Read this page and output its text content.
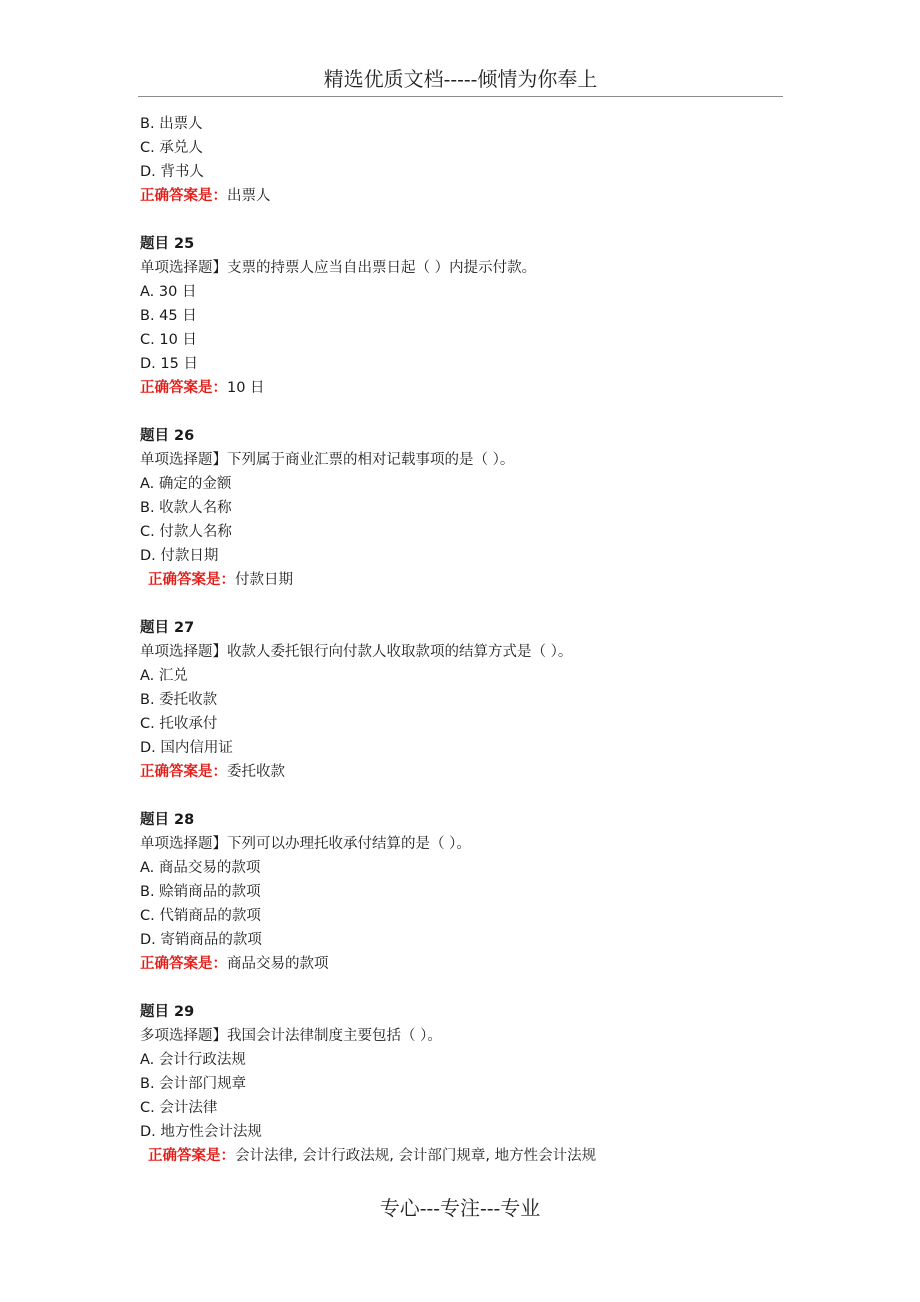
精选优质文档-----倾情为你奉上
B. 出票人
C. 承兑人
D. 背书人
正确答案是：出票人
题目 25
单项选择题】支票的持票人应当自出票日起（ ）内提示付款。
A. 30 日
B. 45 日
C. 10 日
D. 15 日
正确答案是：10 日
题目 26
单项选择题】下列属于商业汇票的相对记载事项的是（ ）。
A. 确定的金额
B. 收款人名称
C. 付款人名称
D. 付款日期
正确答案是：付款日期
题目 27
单项选择题】收款人委托银行向付款人收取款项的结算方式是（ ）。
A. 汇兑
B. 委托收款
C. 托收承付
D. 国内信用证
正确答案是：委托收款
题目 28
单项选择题】下列可以办理托收承付结算的是（ ）。
A. 商品交易的款项
B. 赊销商品的款项
C. 代销商品的款项
D. 寄销商品的款项
正确答案是：商品交易的款项
题目 29
多项选择题】我国会计法律制度主要包括（ ）。
A. 会计行政法规
B. 会计部门规章
C. 会计法律
D. 地方性会计法规
正确答案是：会计法律, 会计行政法规, 会计部门规章, 地方性会计法规
专心---专注---专业
